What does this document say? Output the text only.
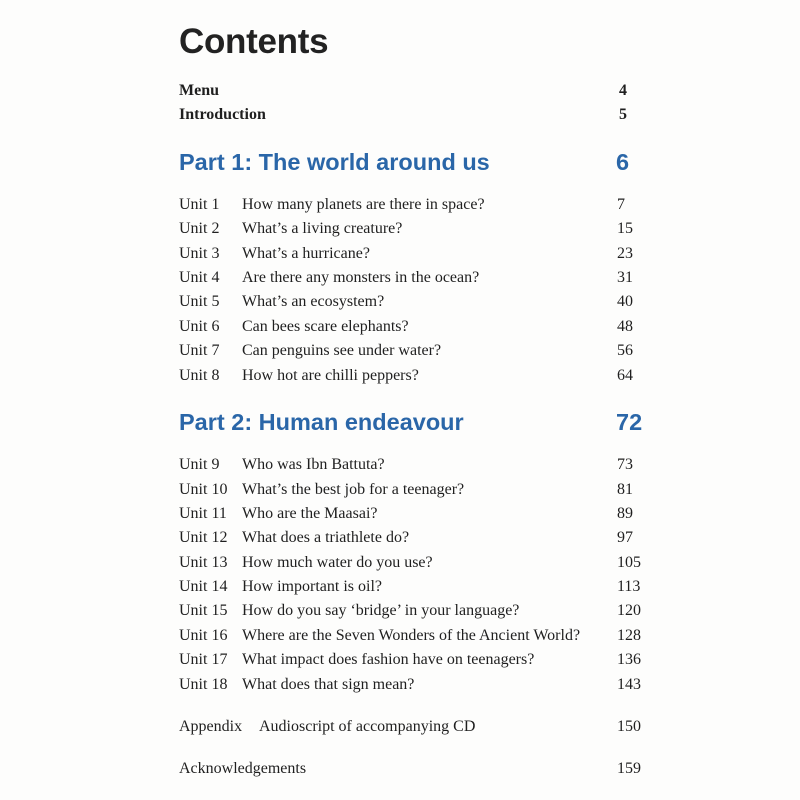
Contents
Menu	4
Introduction	5
Part 1: The world around us	6
Unit 1 How many planets are there in space?	7
Unit 2 What’s a living creature?	15
Unit 3 What’s a hurricane?	23
Unit 4 Are there any monsters in the ocean?	31
Unit 5 What’s an ecosystem?	40
Unit 6 Can bees scare elephants?	48
Unit 7 Can penguins see under water?	56
Unit 8 How hot are chilli peppers?	64
Part 2: Human endeavour	72
Unit 9 Who was Ibn Battuta?	73
Unit 10 What’s the best job for a teenager?	81
Unit 11 Who are the Maasai?	89
Unit 12 What does a triathlete do?	97
Unit 13 How much water do you use?	105
Unit 14 How important is oil?	113
Unit 15 How do you say ‘bridge’ in your language?	120
Unit 16 Where are the Seven Wonders of the Ancient World? 128
Unit 17 What impact does fashion have on teenagers?	136
Unit 18 What does that sign mean?	143
Appendix Audioscript of accompanying CD	150
Acknowledgements	159
